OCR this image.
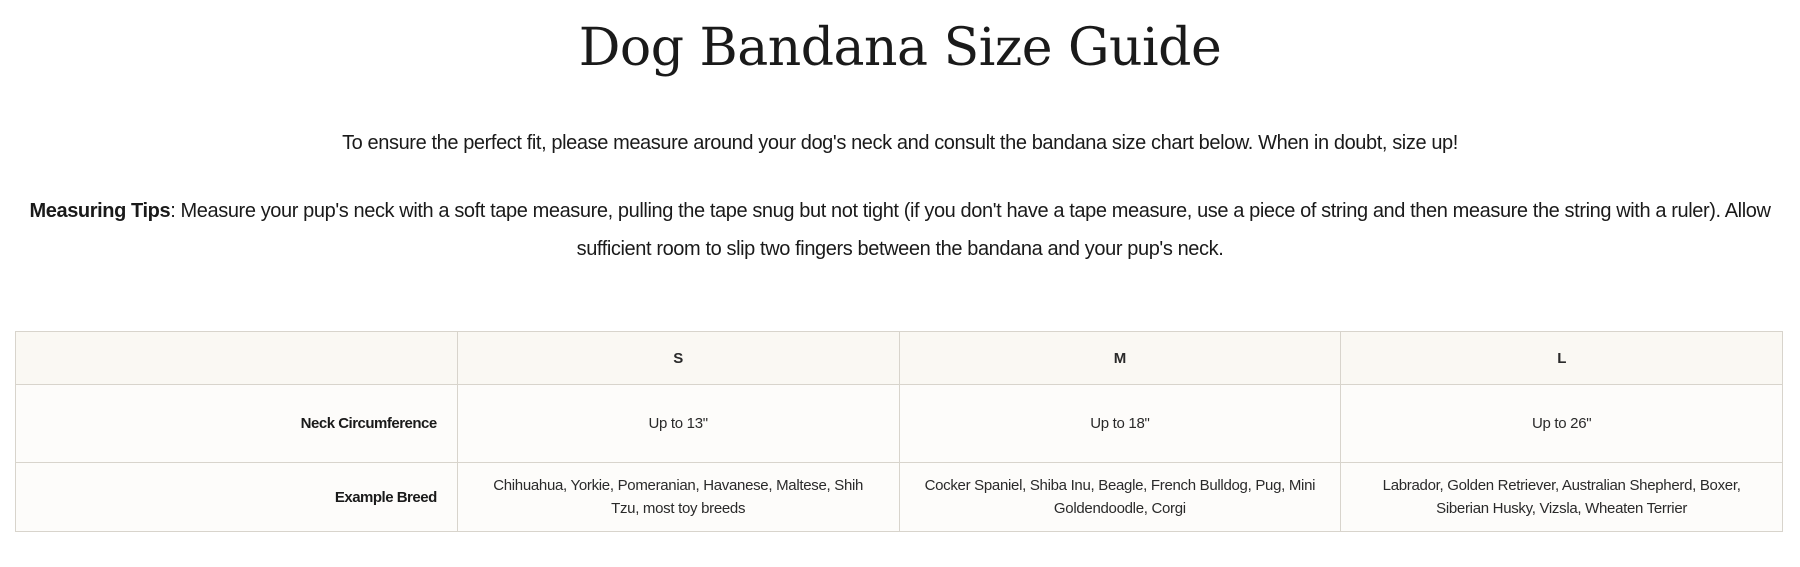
Dog Bandana Size Guide

To ensure the perfect fit, please measure around your dog's neck and consult the bandana size chart below. When in doubt, size up!

Measuring Tips: Measure your pup's neck with a soft tape measure, pulling the tape snug but not tight (if you don't have a tape measure, use a piece of string and then measure the string with a ruler). Allow sufficient room to slip two fingers between the bandana and your pup's neck.

	S	M	L
Neck Circumference	Up to 13"	Up to 18"	Up to 26"
Example Breed	Chihuahua, Yorkie, Pomeranian, Havanese, Maltese, Shih Tzu, most toy breeds	Cocker Spaniel, Shiba Inu, Beagle, French Bulldog, Pug, Mini Goldendoodle, Corgi	Labrador, Golden Retriever, Australian Shepherd, Boxer, Siberian Husky, Vizsla, Wheaten Terrier
